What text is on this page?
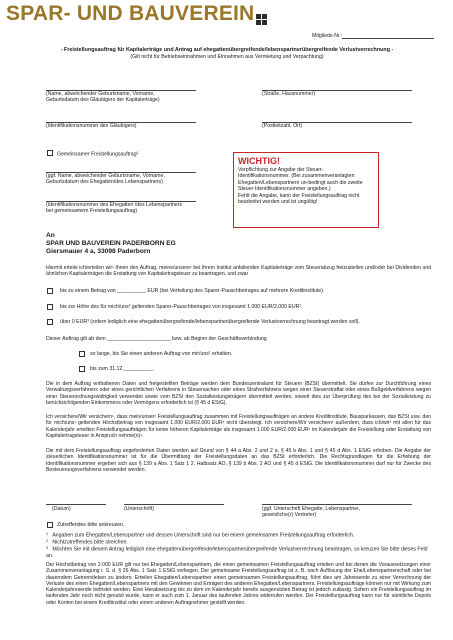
SPAR- UND BAUVEREIN
Mitglieds-Nr.:
- Freistellungsauftrag für Kapitalerträge und Antrag auf ehegattenübergreifende/lebenspartnerübergreifende Verlustverrechnung -
(Gilt nicht für Betriebseinnahmen und Einnahmen aus Vermietung und Verpachtung)
(Name, abweichender Geburtsname, Vorname,
Geburtsdatum des Gläubigers der Kapitalerträge)
(Straße, Hausnummer)
(Identifikationsnummer des Gläubigers)	(Postleitzahl, Ort)
Gemeinsamer Freistellungsauftrag$^1$
(ggf. Name, abweichender Geburtsname, Vorname,
Geburtsdatum des Ehegatten/des Lebenspartners)
(Identifikationsnummer des Ehegatten /des Lebenspartners
bei gemeinsamem Freistellungsauftrag)
WICHTIG!

Verpflichtung zur Angabe der Steuer-Identifikationsnummer. (Bei zusammenveranlagten Ehegatten/Lebenspartnern un-bedingt auch die zweite Steuer-Identifikationsnummer angeben.)

Fehlt die Angabe, kann der Freistellungsauftrag nicht bearbeitet werden und ist ungültig!

An
SPAR UND BAUVEREIN PADERBORN EG
Giersmauer 4 a, 33098 Paderborn
Hiermit erteile ich/erteilen wir¹ Ihnen den Auftrag, meine/unsere¹ bei Ihrem Institut anfallenden Kapitalerträge vom Steuerabzug freizustellen und/oder bei Dividenden und ähnlichen Kapitalerträgen die Erstattung von Kapitalertragsteuer zu beantragen, und zwar
bis zu einem Betrag von __________ EUR (bei Verteilung des Sparer-Pauschbetrages auf mehrere Kreditinstitute).
bis zur Höhe des für mich/uns² geltenden Sparer-Pauschbetrages von insgesamt 1.000 EUR/2.000 EUR¹.
über 0 EUR³ (sofern lediglich eine ehegattenübergreifende/lebenspartnerübergreifende Verlustverrechnung beantragt werden soll).
Dieser Auftrag gilt ab dem ______________________ bzw. ab Beginn der Geschäftsverbindung
so lange, bis Sie einen anderen Auftrag von mir/uns¹ erhalten.
bis zum 31.12.__________.
Die in dem Auftrag enthaltenen Daten und freigestellten Beträge werden dem Bundeszentralamt für Steuern (BZSt) übermittelt. Sie dürfen zur Durchführung eines Verwaltungsverfahrens oder eines gerichtlichen Verfahrens in Steuersachen oder eines Strafverfahrens wegen einer Steuerstraftat oder eines Bußgeldverfahrens wegen einer Steuerordnungswidrigkeit verwendet sowie vom BZSt den Sozialleistungsträgern übermittelt werden, soweit dies zur Überprüfung des bei der Sozialleistung zu berücksichtigenden Einkommens oder Vermögens erforderlich ist (§ 45 d EStG).
Ich versichere/Wir versichern¹, dass mein/unser¹ Freistellungsauftrag zusammen mit Freistellungsaufträgen an andere Kreditinstitute, Bausparkassen, das BZSt usw. den für mich/uns¹ geltenden Höchstbetrag von insgesamt 1.000 EUR/2.000 EUR¹ nicht übersteigt. Ich versichere/Wir versichern¹ außerdem, dass ich/wir¹ mit allen für das Kalenderjahr erteilten Freistellungsaufträgen für keine höheren Kapitalerträge als insgesamt 1.000 EUR/2.000 EUR¹ im Kalenderjahr die Freistellung oder Erstattung von Kapitalertragsteuer in Anspruch nehme(n)¹.
Die mit dem Freistellungsauftrag angeforderten Daten werden auf Grund von § 44 a Abs. 2 und 2 a, § 45 b Abs. 1 und § 45 d Abs. 1 EStG erhoben. Die Angabe der steuerlichen Identifikationsnummer ist für die Übermittlung der Freistellungsdaten an das BZSt erforderlich. Die Rechtsgrundlagen für die Erhebung der Identifikationsnummer ergeben sich aus § 139 a Abs. 1 Satz 1 2. Halbsatz AO, § 139 b Abs. 2 AO und § 45 d EStG. Die Identifikationsnummer darf nur für Zwecke des Besteuerungsverfahrens verwendet werden.
(Datum)	(Unterschrift)	(ggf. Unterschrift Ehegatte, Lebenspartner,
gesetzliche(r) Vertreter)
Zutreffendes bitte ankreuzen.
$^1$ Angaben zum Ehegatten/Lebenspartner und dessen Unterschrift sind nur bei einem gemeinsamen Freistellungsauftrag erforderlich.
$^2$ Nichtzutreffendes bitte streichen.
$^3$ Möchten Sie mit diesem Antrag lediglich eine ehegattenübergreifende/lebenspartnerübergreifende Verlustverrechnung beantragen, so kreuzen Sie bitte dieses Feld an.
Der Höchstbetrag von 2.000 EUR gilt nur bei Ehegatten/Lebenspartnern, die einen gemeinsamen Freistellungsauftrag erteilen und bei denen die Voraussetzungen einer Zusammenveranlagung i. S. d. § 26 Abs. 1 Satz 1 EStG vorliegen. Der gemeinsame Freistellungsauftrag ist z. B. nach Auflösung der Ehe/Lebenspartnerschaft oder bei dauerndem Getrenntleben zu ändern. Erteilen Ehegatten/Lebenspartner einen gemeinsamen Freistellungsauftrag, führt dies am Jahresende zu einer Verrechnung der Verluste des einen Ehegatten/Lebenspartners mit den Gewinnen und Erträgen des anderen Ehegatten/Lebenspartners. Freistellungsaufträge können nur mit Wirkung zum Kalenderjahresende befristet werden. Eine Herabsetzung bis zu dem im Kalenderjahr bereits ausgenutzten Betrag ist jedoch zulässig. Sofern ein Freistellungsauftrag im laufenden Jahr noch nicht genutzt wurde, kann er auch zum 1. Januar des laufenden Jahres widerrufen werden. Der Freistellungsauftrag kann nur für sämtliche Depots oder Konten bei einem Kreditinstitut oder einem anderen Auftragnehmer gestellt werden.
